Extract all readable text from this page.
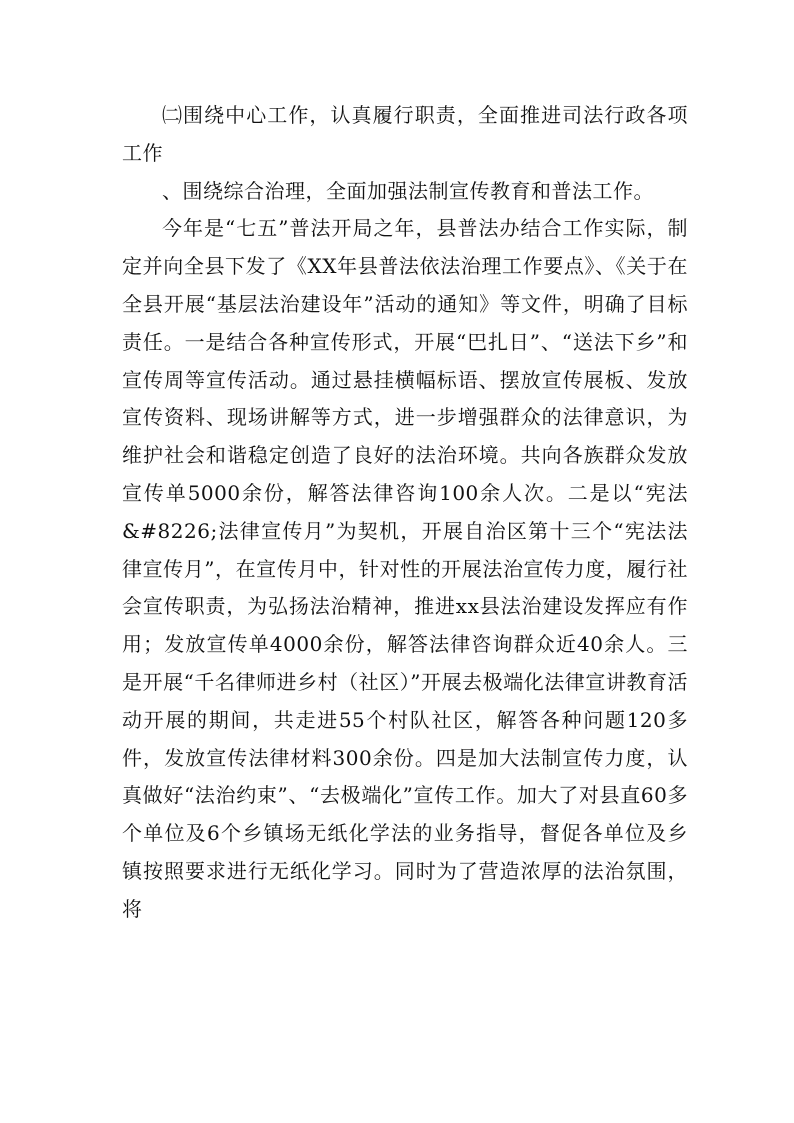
㈡围绕中心工作，认真履行职责，全面推进司法行政各项工作

、围绕综合治理，全面加强法制宣传教育和普法工作。

今年是“七五”普法开局之年，县普法办结合工作实际，制定并向全县下发了《XX年县普法依法治理工作要点》、《关于在全县开展“基层法治建设年”活动的通知》等文件，明确了目标责任。一是结合各种宣传形式，开展“巴扎日”、“送法下乡”和宣传周等宣传活动。通过悬挂横幅标语、摆放宣传展板、发放宣传资料、现场讲解等方式，进一步增强群众的法律意识，为维护社会和谐稳定创造了良好的法治环境。共向各族群众发放宣传单5000余份，解答法律咨询100余人次。二是以“宪法&#8226;法律宣传月”为契机，开展自治区第十三个“宪法法律宣传月”，在宣传月中，针对性的开展法治宣传力度，履行社会宣传职责，为弘扬法治精神，推进xx县法治建设发挥应有作用；发放宣传单4000余份，解答法律咨询群众近40余人。三是开展“千名律师进乡村（社区）”开展去极端化法律宣讲教育活动开展的期间，共走进55个村队社区，解答各种问题120多件，发放宣传法律材料300余份。四是加大法制宣传力度，认真做好“法治约束”、“去极端化”宣传工作。加大了对县直60多个单位及6个乡镇场无纸化学法的业务指导，督促各单位及乡镇按照要求进行无纸化学习。同时为了营造浓厚的法治氛围，将
